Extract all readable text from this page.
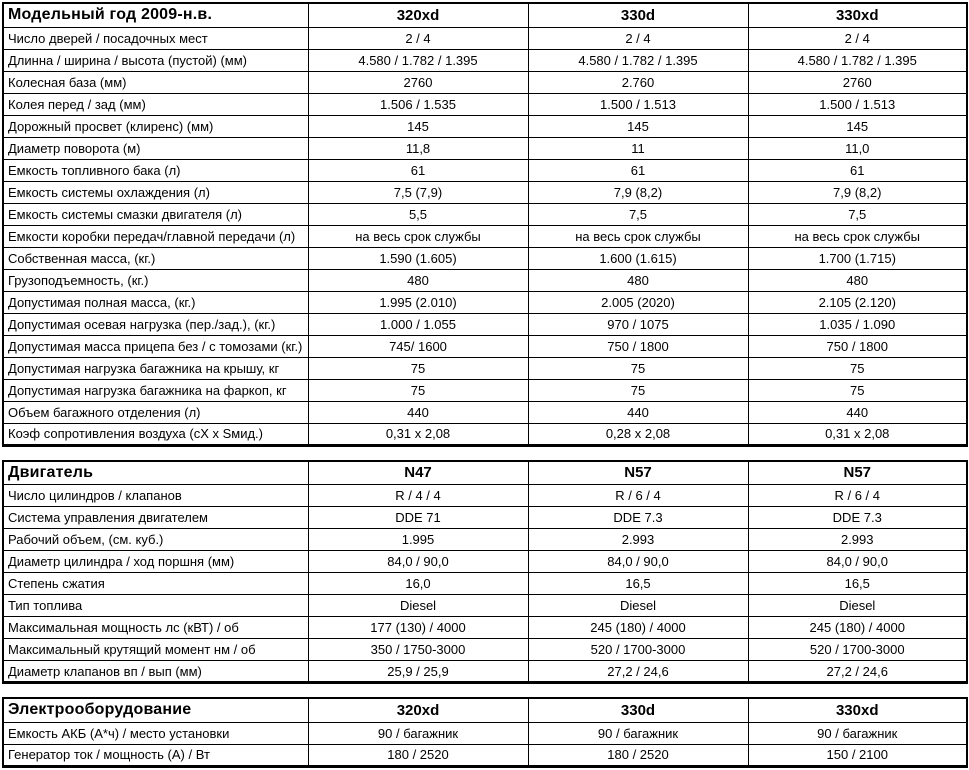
Модельный год 2009-н.в.	320xd	330d	330xd
Число дверей / посадочных мест	2 / 4	2 / 4	2 / 4
Длинна / ширина / высота (пустой) (мм)	4.580 / 1.782 / 1.395	4.580 / 1.782 / 1.395	4.580 / 1.782 / 1.395
Колесная база (мм)	2760	2.760	2760
Колея перед / зад (мм)	1.506 / 1.535	1.500 / 1.513	1.500 / 1.513
Дорожный просвет (клиренс) (мм)	145	145	145
Диаметр поворота (м)	11,8	11	11,0
Емкость топливного бака (л)	61	61	61
Емкость системы охлаждения (л)	7,5 (7,9)	7,9 (8,2)	7,9 (8,2)
Емкость системы смазки двигателя (л)	5,5	7,5	7,5
Емкости коробки передач/главной передачи (л)	на весь срок службы	на весь срок службы	на весь срок службы
Собственная масса, (кг.)	1.590 (1.605)	1.600 (1.615)	1.700 (1.715)
Грузоподъемность, (кг.)	480	480	480
Допустимая полная масса, (кг.)	1.995 (2.010)	2.005 (2020)	2.105 (2.120)
Допустимая осевая нагрузка (пер./зад.), (кг.)	1.000 / 1.055	970 / 1075	1.035 / 1.090
Допустимая масса прицепа без / с томозами (кг.)	745/ 1600	750 / 1800	750 / 1800
Допустимая нагрузка багажника на крышу, кг	75	75	75
Допустимая нагрузка багажника на фаркоп, кг	75	75	75
Объем багажного отделения (л)	440	440	440
Коэф сопротивления воздуха (сХ х Sмид.)	0,31 х 2,08	0,28 х 2,08	0,31 х 2,08
Двигатель	N47	N57	N57
Число цилиндров / клапанов	R / 4 / 4	R / 6 / 4	R / 6 / 4
Система управления двигателем	DDE 71	DDE 7.3	DDE 7.3
Рабочий объем, (см. куб.)	1.995	2.993	2.993
Диаметр цилиндра / ход поршня (мм)	84,0 / 90,0	84,0 / 90,0	84,0 / 90,0
Степень сжатия	16,0	16,5	16,5
Тип топлива	Diesel	Diesel	Diesel
Максимальная мощность лс (кВТ) / об	177 (130) / 4000	245 (180) / 4000	245 (180) / 4000
Максимальный крутящий момент нм / об	350 / 1750-3000	520 / 1700-3000	520 / 1700-3000
Диаметр клапанов вп / вып (мм)	25,9 / 25,9	27,2 / 24,6	27,2 / 24,6
Электрооборудование	320xd	330d	330xd
Емкость АКБ (А*ч) / место установки	90 / багажник	90 / багажник	90 / багажник
Генератор ток / мощность (А) / Вт	180 / 2520	180 / 2520	150 / 2100
